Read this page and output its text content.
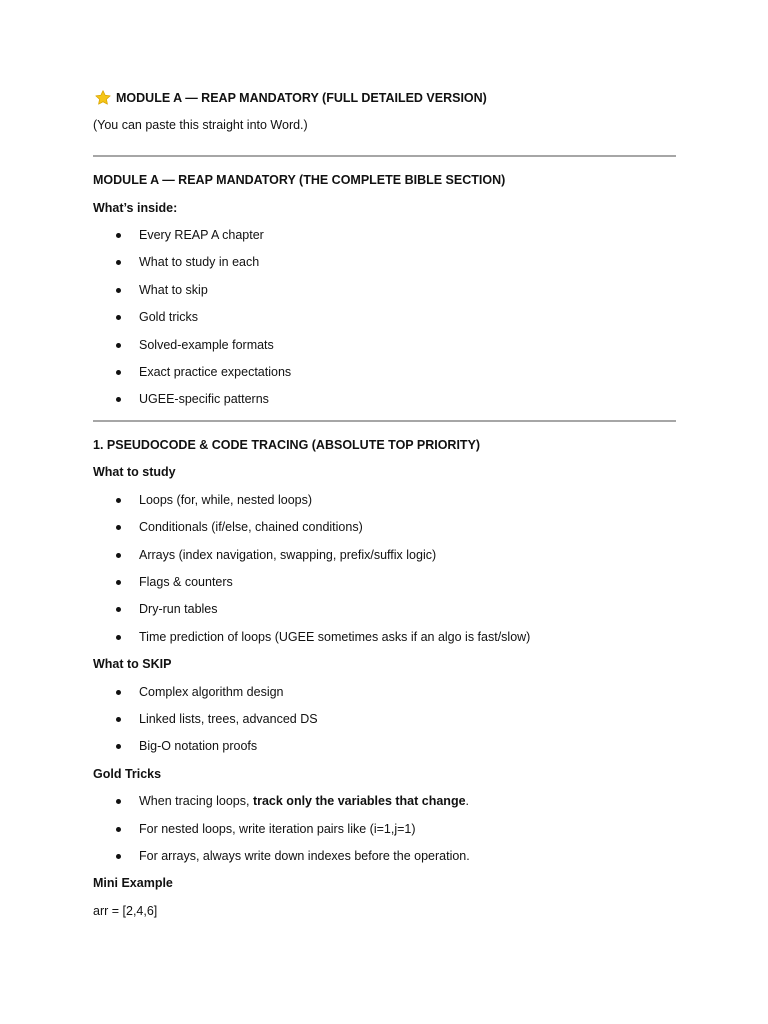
MODULE A — REAP MANDATORY (FULL DETAILED VERSION)
(You can paste this straight into Word.)
MODULE A — REAP MANDATORY (THE COMPLETE BIBLE SECTION)
What’s inside:
Every REAP A chapter
What to study in each
What to skip
Gold tricks
Solved-example formats
Exact practice expectations
UGEE-specific patterns
1. PSEUDOCODE & CODE TRACING (ABSOLUTE TOP PRIORITY)
What to study
Loops (for, while, nested loops)
Conditionals (if/else, chained conditions)
Arrays (index navigation, swapping, prefix/suffix logic)
Flags & counters
Dry-run tables
Time prediction of loops (UGEE sometimes asks if an algo is fast/slow)
What to SKIP
Complex algorithm design
Linked lists, trees, advanced DS
Big-O notation proofs
Gold Tricks
When tracing loops, track only the variables that change.
For nested loops, write iteration pairs like (i=1,j=1)
For arrays, always write down indexes before the operation.
Mini Example
arr = [2,4,6]
